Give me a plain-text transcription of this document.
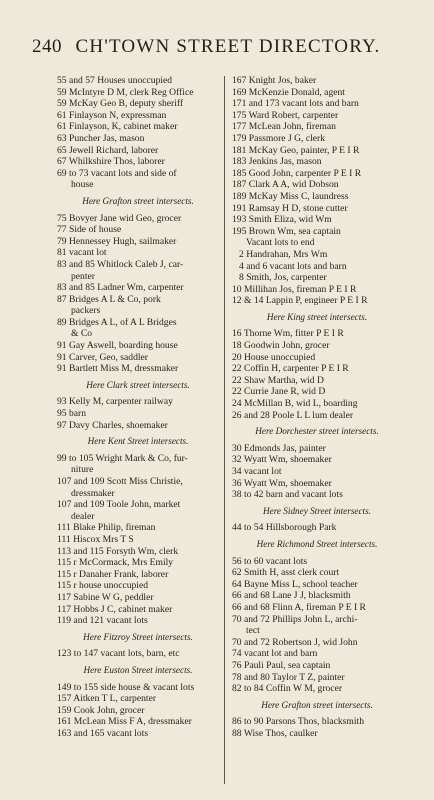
240 CH'TOWN STREET DIRECTORY.
55 and 57 Houses unoccupied
59 McIntyre D M, clerk Reg Office
59 McKay Geo B, deputy sheriff
61 Finlayson N, expressman
61 Finlayson, K, cabinet maker
63 Puncher Jas, mason
65 Jewell Richard, laborer
67 Whilkshire Thos, laborer
69 to 73 vacant lots and side of
house
Here Grafton street intersects.
75 Bovyer Jane wid Geo, grocer
77 Side of house
79 Hennessey Hugh, sailmaker
81 vacant lot
83 and 85 Whitlock Caleb J, car-
penter
83 and 85 Ladner Wm, carpenter
87 Bridges A L & Co, pork
packers
89 Bridges A L, of A L Bridges
& Co
91 Gay Aswell, boarding house
91 Carver, Geo, saddler
91 Bartlett Miss M, dressmaker
Here Clark street intersects.
93 Kelly M, carpenter railway
95 barn
97 Davy Charles, shoemaker
Here Kent Street intersects.
99 to 105 Wright Mark & Co, fur-
niture
107 and 109 Scott Miss Christie,
dressmaker
107 and 109 Toole John, market
dealer
111 Blake Philip, fireman
111 Hiscox Mrs T S
113 and 115 Forsyth Wm, clerk
115 r McCormack, Mrs Emily
115 r Danaher Frank, laborer
115 r house unoccupied
117 Sabine W G, peddler
117 Hobbs J C, cabinet maker
119 and 121 vacant lots
Here Fitzroy Street intersects.
123 to 147 vacant lots, barn, etc
Here Euston Street intersects.
149 to 155 side house & vacant lots
157 Aitken T L, carpenter
159 Cook John, grocer
161 McLean Miss F A, dressmaker
163 and 165 vacant lots
167 Knight Jos, baker
169 McKenzie Donald, agent
171 and 173 vacant lots and barn
175 Ward Robert, carpenter
177 McLean John, fireman
179 Passmore J G, clerk
181 McKay Geo, painter, P E I R
183 Jenkins Jas, mason
185 Good John, carpenter P E I R
187 Clark A A, wid Dobson
189 McKay Miss C, laundress
191 Ramsay H D, stone cutter
193 Smith Eliza, wid Wm
195 Brown Wm, sea captain
Vacant lots to end
2 Handrahan, Mrs Wm
4 and 6 vacant lots and barn
8 Smith, Jos, carpenter
10 Millihan Jos, fireman P E I R
12 & 14 Lappin P, engineer P E I R
Here King street intersects.
16 Thorne Wm, fitter P E I R
18 Goodwin John, grocer
20 House unoccupied
22 Coffin H, carpenter P E I R
22 Shaw Martha, wid D
22 Currie Jane R, wid D
24 McMillan B, wid L, boarding
26 and 28 Poole L L lum dealer
Here Dorchester street intersects.
30 Edmonds Jas, painter
32 Wyatt Wm, shoemaker
34 vacant lot
36 Wyatt Wm, shoemaker
38 to 42 barn and vacant lots
Here Sidney Street intersects.
44 to 54 Hillsborough Park
Here Richmond Street intersects.
56 to 60 vacant lots
62 Smith H, asst clerk court
64 Bayne Miss L, school teacher
66 and 68 Lane J J, blacksmith
66 and 68 Flinn A, fireman P E I R
70 and 72 Phillips John L, archi-
tect
70 and 72 Robertson J, wid John
74 vacant lot and barn
76 Pauli Paul, sea captain
78 and 80 Taylor T Z, painter
82 to 84 Coffin W M, grocer
Here Grafton street intersects.
86 to 90 Parsons Thos, blacksmith
88 Wise Thos, caulker
